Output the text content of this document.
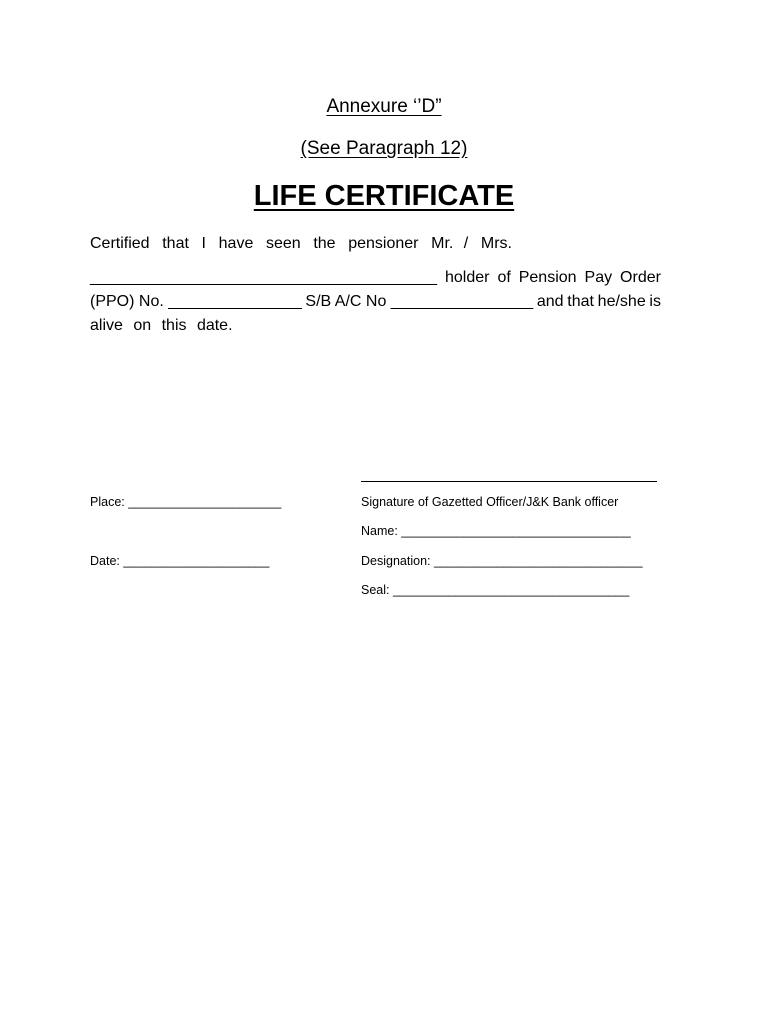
Annexure ‘’D”
(See Paragraph 12)
LIFE CERTIFICATE
Certified that I have seen the pensioner Mr. / Mrs.
_______________________________________ holder of Pension Pay Order
(PPO) No. _______________ S/B A/C No ________________ and that he/she is
alive on this date.
Place: ______________________	Signature of Gazetted Officer/J&K Bank officer
Name: _________________________________
Date: _____________________	Designation: ______________________________
Seal: __________________________________
